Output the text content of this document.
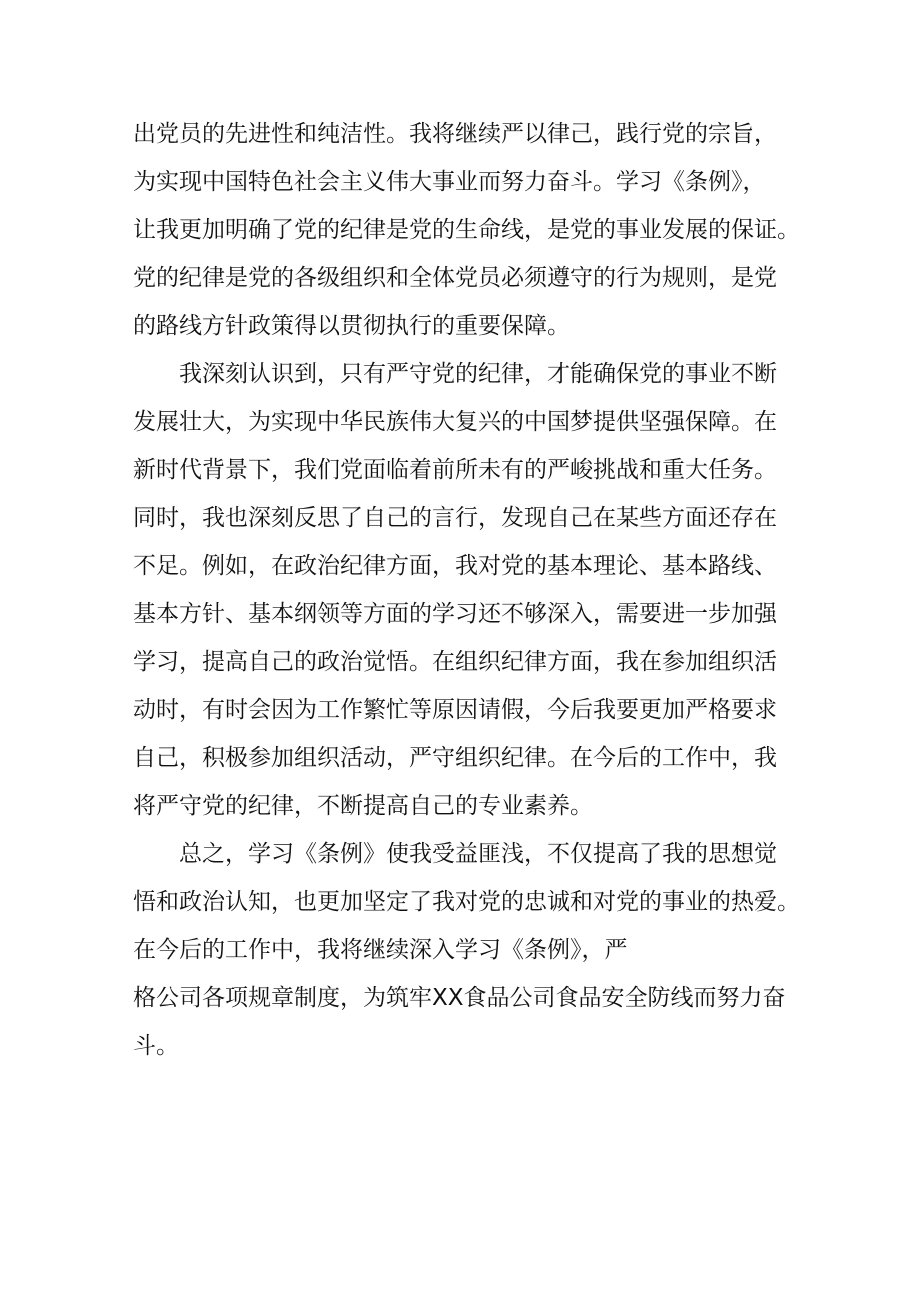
出党员的先进性和纯洁性。我将继续严以律己，践行党的宗旨，
为实现中国特色社会主义伟大事业而努力奋斗。学习《条例》，
让我更加明确了党的纪律是党的生命线，是党的事业发展的保证。
党的纪律是党的各级组织和全体党员必须遵守的行为规则，是党
的路线方针政策得以贯彻执行的重要保障。
我深刻认识到，只有严守党的纪律，才能确保党的事业不断
发展壮大，为实现中华民族伟大复兴的中国梦提供坚强保障。在
新时代背景下，我们党面临着前所未有的严峻挑战和重大任务。
同时，我也深刻反思了自己的言行，发现自己在某些方面还存在
不足。例如，在政治纪律方面，我对党的基本理论、基本路线、
基本方针、基本纲领等方面的学习还不够深入，需要进一步加强
学习，提高自己的政治觉悟。在组织纪律方面，我在参加组织活
动时，有时会因为工作繁忙等原因请假，今后我要更加严格要求
自己，积极参加组织活动，严守组织纪律。在今后的工作中，我
将严守党的纪律，不断提高自己的专业素养。
总之，学习《条例》使我受益匪浅，不仅提高了我的思想觉
悟和政治认知，也更加坚定了我对党的忠诚和对党的事业的热爱。
在今后的工作中，我将继续深入学习《条例》，严
格公司各项规章制度，为筑牢XX食品公司食品安全防线而努力奋
斗。
